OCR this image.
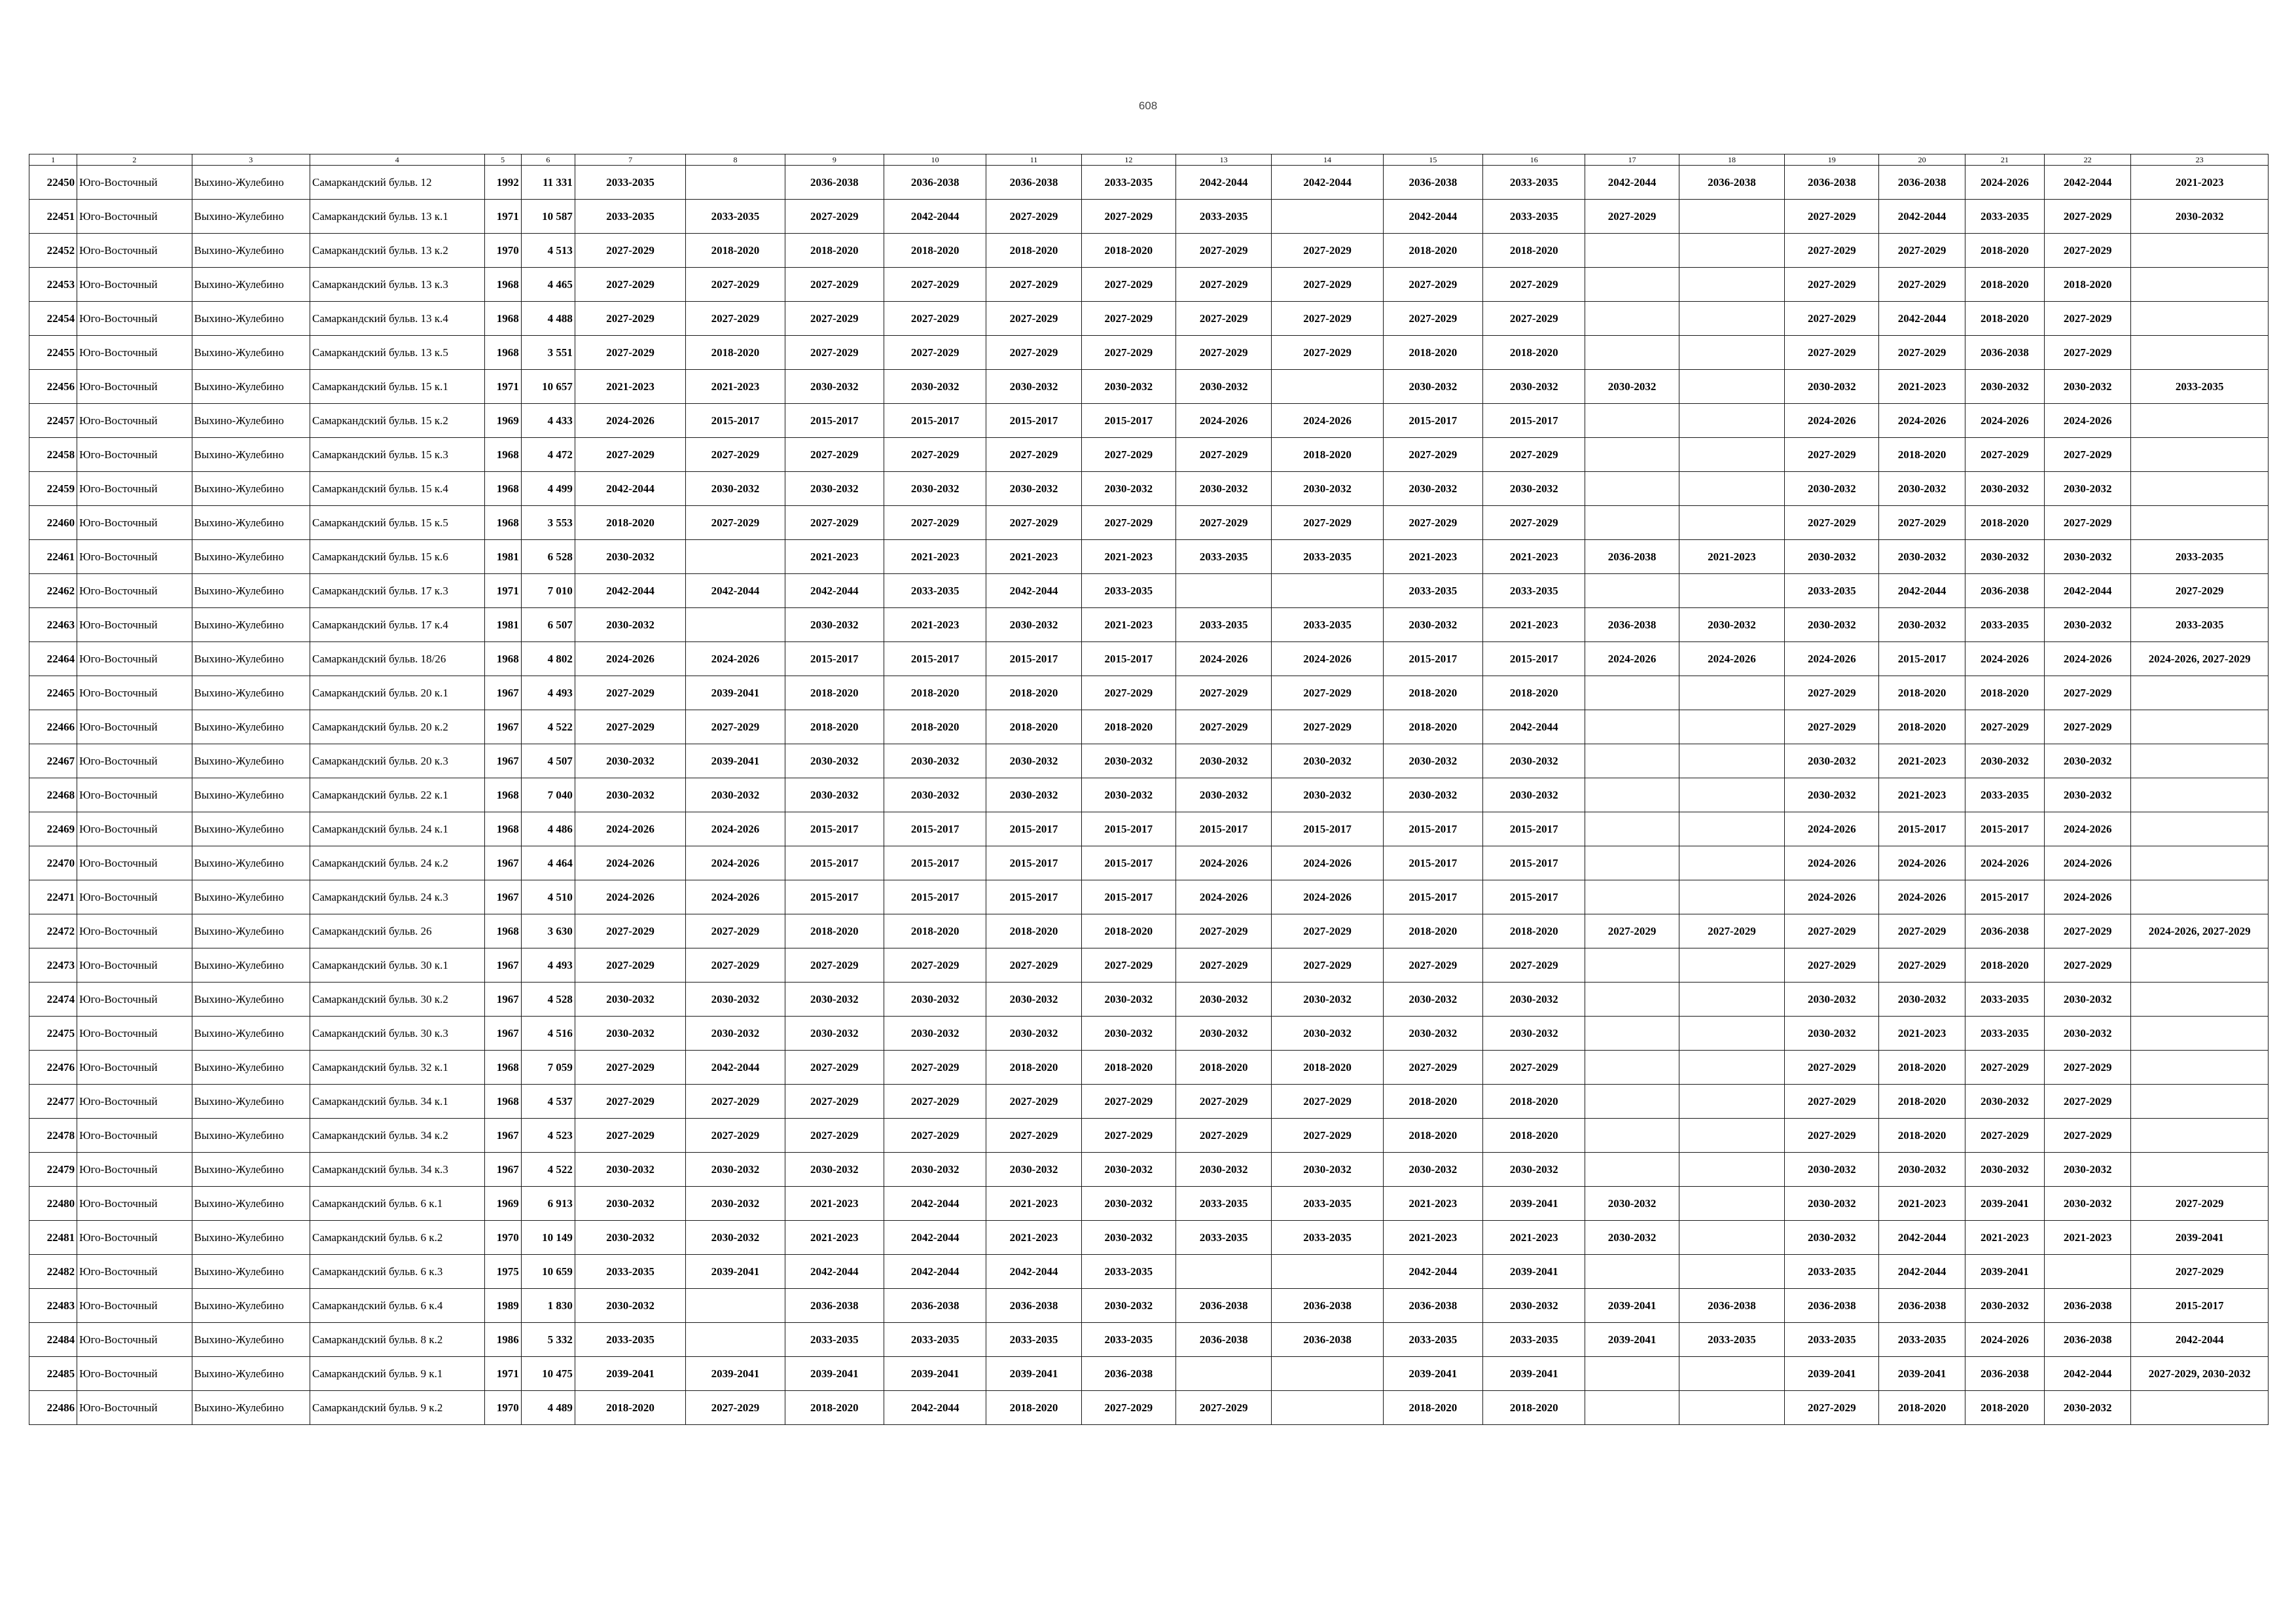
608
1	2	3	4	5	6	7	8	9	10	11	12	13	14	15	16	17	18	19	20	21	22	23
22450	Юго-Восточный	Выхино-Жулебино	Самаркандский бульв. 12	1992	11 331	2033-2035		2036-2038	2036-2038	2036-2038	2033-2035	2042-2044	2042-2044	2036-2038	2033-2035	2042-2044	2036-2038	2036-2038	2036-2038	2024-2026	2042-2044	2021-2023
22451	Юго-Восточный	Выхино-Жулебино	Самаркандский бульв. 13 к.1	1971	10 587	2033-2035	2033-2035	2027-2029	2042-2044	2027-2029	2027-2029	2033-2035		2042-2044	2033-2035	2027-2029		2027-2029	2042-2044	2033-2035	2027-2029	2030-2032
22452	Юго-Восточный	Выхино-Жулебино	Самаркандский бульв. 13 к.2	1970	4 513	2027-2029	2018-2020	2018-2020	2018-2020	2018-2020	2018-2020	2027-2029	2027-2029	2018-2020	2018-2020			2027-2029	2027-2029	2018-2020	2027-2029	
22453	Юго-Восточный	Выхино-Жулебино	Самаркандский бульв. 13 к.3	1968	4 465	2027-2029	2027-2029	2027-2029	2027-2029	2027-2029	2027-2029	2027-2029	2027-2029	2027-2029	2027-2029			2027-2029	2027-2029	2018-2020	2018-2020	
22454	Юго-Восточный	Выхино-Жулебино	Самаркандский бульв. 13 к.4	1968	4 488	2027-2029	2027-2029	2027-2029	2027-2029	2027-2029	2027-2029	2027-2029	2027-2029	2027-2029	2027-2029			2027-2029	2042-2044	2018-2020	2027-2029	
22455	Юго-Восточный	Выхино-Жулебино	Самаркандский бульв. 13 к.5	1968	3 551	2027-2029	2018-2020	2027-2029	2027-2029	2027-2029	2027-2029	2027-2029	2027-2029	2018-2020	2018-2020			2027-2029	2027-2029	2036-2038	2027-2029	
22456	Юго-Восточный	Выхино-Жулебино	Самаркандский бульв. 15 к.1	1971	10 657	2021-2023	2021-2023	2030-2032	2030-2032	2030-2032	2030-2032	2030-2032		2030-2032	2030-2032	2030-2032		2030-2032	2021-2023	2030-2032	2030-2032	2033-2035
22457	Юго-Восточный	Выхино-Жулебино	Самаркандский бульв. 15 к.2	1969	4 433	2024-2026	2015-2017	2015-2017	2015-2017	2015-2017	2015-2017	2024-2026	2024-2026	2015-2017	2015-2017			2024-2026	2024-2026	2024-2026	2024-2026	
22458	Юго-Восточный	Выхино-Жулебино	Самаркандский бульв. 15 к.3	1968	4 472	2027-2029	2027-2029	2027-2029	2027-2029	2027-2029	2027-2029	2027-2029	2018-2020	2027-2029	2027-2029			2027-2029	2018-2020	2027-2029	2027-2029	
22459	Юго-Восточный	Выхино-Жулебино	Самаркандский бульв. 15 к.4	1968	4 499	2042-2044	2030-2032	2030-2032	2030-2032	2030-2032	2030-2032	2030-2032	2030-2032	2030-2032	2030-2032			2030-2032	2030-2032	2030-2032	2030-2032	
22460	Юго-Восточный	Выхино-Жулебино	Самаркандский бульв. 15 к.5	1968	3 553	2018-2020	2027-2029	2027-2029	2027-2029	2027-2029	2027-2029	2027-2029	2027-2029	2027-2029	2027-2029			2027-2029	2027-2029	2018-2020	2027-2029	
22461	Юго-Восточный	Выхино-Жулебино	Самаркандский бульв. 15 к.6	1981	6 528	2030-2032		2021-2023	2021-2023	2021-2023	2021-2023	2033-2035	2033-2035	2021-2023	2021-2023	2036-2038	2021-2023	2030-2032	2030-2032	2030-2032	2030-2032	2033-2035
22462	Юго-Восточный	Выхино-Жулебино	Самаркандский бульв. 17 к.3	1971	7 010	2042-2044	2042-2044	2042-2044	2033-2035	2042-2044	2033-2035			2033-2035	2033-2035			2033-2035	2042-2044	2036-2038	2042-2044	2027-2029
22463	Юго-Восточный	Выхино-Жулебино	Самаркандский бульв. 17 к.4	1981	6 507	2030-2032		2030-2032	2021-2023	2030-2032	2021-2023	2033-2035	2033-2035	2030-2032	2021-2023	2036-2038	2030-2032	2030-2032	2030-2032	2033-2035	2030-2032	2033-2035
22464	Юго-Восточный	Выхино-Жулебино	Самаркандский бульв. 18/26	1968	4 802	2024-2026	2024-2026	2015-2017	2015-2017	2015-2017	2015-2017	2024-2026	2024-2026	2015-2017	2015-2017	2024-2026	2024-2026	2024-2026	2015-2017	2024-2026	2024-2026	2024-2026, 2027-2029
22465	Юго-Восточный	Выхино-Жулебино	Самаркандский бульв. 20 к.1	1967	4 493	2027-2029	2039-2041	2018-2020	2018-2020	2018-2020	2027-2029	2027-2029	2027-2029	2018-2020	2018-2020			2027-2029	2018-2020	2018-2020	2027-2029	
22466	Юго-Восточный	Выхино-Жулебино	Самаркандский бульв. 20 к.2	1967	4 522	2027-2029	2027-2029	2018-2020	2018-2020	2018-2020	2018-2020	2027-2029	2027-2029	2018-2020	2042-2044			2027-2029	2018-2020	2027-2029	2027-2029	
22467	Юго-Восточный	Выхино-Жулебино	Самаркандский бульв. 20 к.3	1967	4 507	2030-2032	2039-2041	2030-2032	2030-2032	2030-2032	2030-2032	2030-2032	2030-2032	2030-2032	2030-2032			2030-2032	2021-2023	2030-2032	2030-2032	
22468	Юго-Восточный	Выхино-Жулебино	Самаркандский бульв. 22 к.1	1968	7 040	2030-2032	2030-2032	2030-2032	2030-2032	2030-2032	2030-2032	2030-2032	2030-2032	2030-2032	2030-2032			2030-2032	2021-2023	2033-2035	2030-2032	
22469	Юго-Восточный	Выхино-Жулебино	Самаркандский бульв. 24 к.1	1968	4 486	2024-2026	2024-2026	2015-2017	2015-2017	2015-2017	2015-2017	2015-2017	2015-2017	2015-2017	2015-2017			2024-2026	2015-2017	2015-2017	2024-2026	
22470	Юго-Восточный	Выхино-Жулебино	Самаркандский бульв. 24 к.2	1967	4 464	2024-2026	2024-2026	2015-2017	2015-2017	2015-2017	2015-2017	2024-2026	2024-2026	2015-2017	2015-2017			2024-2026	2024-2026	2024-2026	2024-2026	
22471	Юго-Восточный	Выхино-Жулебино	Самаркандский бульв. 24 к.3	1967	4 510	2024-2026	2024-2026	2015-2017	2015-2017	2015-2017	2015-2017	2024-2026	2024-2026	2015-2017	2015-2017			2024-2026	2024-2026	2015-2017	2024-2026	
22472	Юго-Восточный	Выхино-Жулебино	Самаркандский бульв. 26	1968	3 630	2027-2029	2027-2029	2018-2020	2018-2020	2018-2020	2018-2020	2027-2029	2027-2029	2018-2020	2018-2020	2027-2029	2027-2029	2027-2029	2027-2029	2036-2038	2027-2029	2024-2026, 2027-2029
22473	Юго-Восточный	Выхино-Жулебино	Самаркандский бульв. 30 к.1	1967	4 493	2027-2029	2027-2029	2027-2029	2027-2029	2027-2029	2027-2029	2027-2029	2027-2029	2027-2029	2027-2029			2027-2029	2027-2029	2018-2020	2027-2029	
22474	Юго-Восточный	Выхино-Жулебино	Самаркандский бульв. 30 к.2	1967	4 528	2030-2032	2030-2032	2030-2032	2030-2032	2030-2032	2030-2032	2030-2032	2030-2032	2030-2032	2030-2032			2030-2032	2030-2032	2033-2035	2030-2032	
22475	Юго-Восточный	Выхино-Жулебино	Самаркандский бульв. 30 к.3	1967	4 516	2030-2032	2030-2032	2030-2032	2030-2032	2030-2032	2030-2032	2030-2032	2030-2032	2030-2032	2030-2032			2030-2032	2021-2023	2033-2035	2030-2032	
22476	Юго-Восточный	Выхино-Жулебино	Самаркандский бульв. 32 к.1	1968	7 059	2027-2029	2042-2044	2027-2029	2027-2029	2018-2020	2018-2020	2018-2020	2018-2020	2027-2029	2027-2029			2027-2029	2018-2020	2027-2029	2027-2029	
22477	Юго-Восточный	Выхино-Жулебино	Самаркандский бульв. 34 к.1	1968	4 537	2027-2029	2027-2029	2027-2029	2027-2029	2027-2029	2027-2029	2027-2029	2027-2029	2018-2020	2018-2020			2027-2029	2018-2020	2030-2032	2027-2029	
22478	Юго-Восточный	Выхино-Жулебино	Самаркандский бульв. 34 к.2	1967	4 523	2027-2029	2027-2029	2027-2029	2027-2029	2027-2029	2027-2029	2027-2029	2027-2029	2018-2020	2018-2020			2027-2029	2018-2020	2027-2029	2027-2029	
22479	Юго-Восточный	Выхино-Жулебино	Самаркандский бульв. 34 к.3	1967	4 522	2030-2032	2030-2032	2030-2032	2030-2032	2030-2032	2030-2032	2030-2032	2030-2032	2030-2032	2030-2032			2030-2032	2030-2032	2030-2032	2030-2032	
22480	Юго-Восточный	Выхино-Жулебино	Самаркандский бульв. 6 к.1	1969	6 913	2030-2032	2030-2032	2021-2023	2042-2044	2021-2023	2030-2032	2033-2035	2033-2035	2021-2023	2039-2041	2030-2032		2030-2032	2021-2023	2039-2041	2030-2032	2027-2029
22481	Юго-Восточный	Выхино-Жулебино	Самаркандский бульв. 6 к.2	1970	10 149	2030-2032	2030-2032	2021-2023	2042-2044	2021-2023	2030-2032	2033-2035	2033-2035	2021-2023	2021-2023	2030-2032		2030-2032	2042-2044	2021-2023	2021-2023	2039-2041
22482	Юго-Восточный	Выхино-Жулебино	Самаркандский бульв. 6 к.3	1975	10 659	2033-2035	2039-2041	2042-2044	2042-2044	2042-2044	2033-2035			2042-2044	2039-2041			2033-2035	2042-2044	2039-2041		2027-2029
22483	Юго-Восточный	Выхино-Жулебино	Самаркандский бульв. 6 к.4	1989	1 830	2030-2032		2036-2038	2036-2038	2036-2038	2030-2032	2036-2038	2036-2038	2036-2038	2030-2032	2039-2041	2036-2038	2036-2038	2036-2038	2030-2032	2036-2038	2015-2017
22484	Юго-Восточный	Выхино-Жулебино	Самаркандский бульв. 8 к.2	1986	5 332	2033-2035		2033-2035	2033-2035	2033-2035	2033-2035	2036-2038	2036-2038	2033-2035	2033-2035	2039-2041	2033-2035	2033-2035	2033-2035	2024-2026	2036-2038	2042-2044
22485	Юго-Восточный	Выхино-Жулебино	Самаркандский бульв. 9 к.1	1971	10 475	2039-2041	2039-2041	2039-2041	2039-2041	2039-2041	2036-2038			2039-2041	2039-2041			2039-2041	2039-2041	2036-2038	2042-2044	2027-2029, 2030-2032
22486	Юго-Восточный	Выхино-Жулебино	Самаркандский бульв. 9 к.2	1970	4 489	2018-2020	2027-2029	2018-2020	2042-2044	2018-2020	2027-2029	2027-2029		2018-2020	2018-2020			2027-2029	2018-2020	2018-2020	2030-2032	
